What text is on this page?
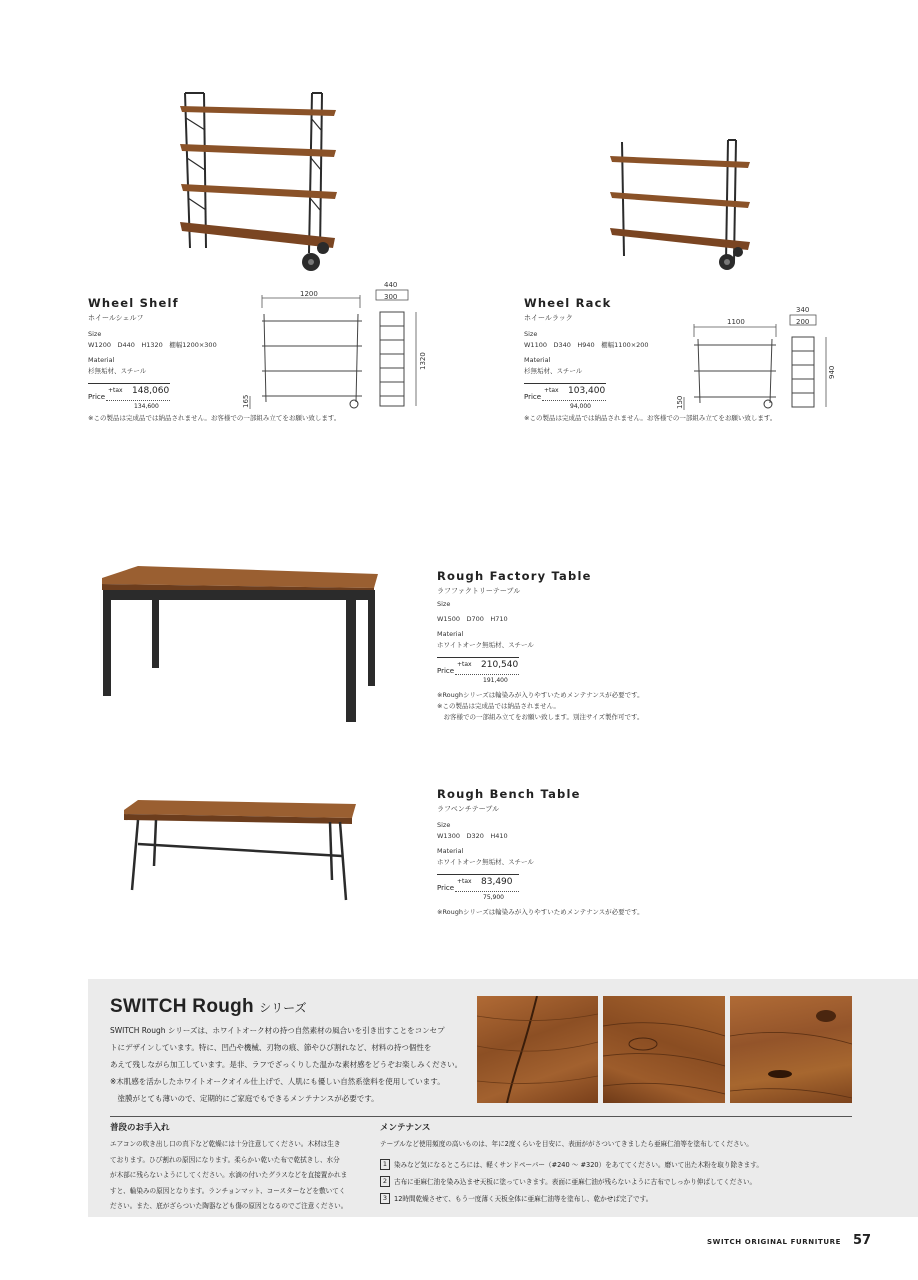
Wheel Shelf
ホイールシェルフ
Size
W1200　D440　H1320　棚幅1200×300
Material
杉無垢材、スチール
+tax 148,060
Price
134,600
※この製品は完成品では納品されません。お客様での一部組み立てをお願い致します。
1200
165
440
300
1320
Wheel Rack
ホイールラック
Size
W1100　D340　H940　棚幅1100×200
Material
杉無垢材、スチール
+tax 103,400
Price
94,000
※この製品は完成品では納品されません。お客様での一部組み立てをお願い致します。
1100
150
340
200
940
Rough Factory Table
ラフファクトリーテーブル
Size
W1500　D700　H710
Material
ホワイトオーク無垢材、スチール
+tax 210,540
Price
191,400
※Roughシリーズは輪染みが入りやすいためメンテナンスが必要です。
※この製品は完成品では納品されません。
　お客様での一部組み立てをお願い致します。別注サイズ製作可です。
Rough Bench Table
ラフベンチテーブル
Size
W1300　D320　H410
Material
ホワイトオーク無垢材、スチール
+tax 83,490
Price
75,900
※Roughシリーズは輪染みが入りやすいためメンテナンスが必要です。
SWITCH Rough シリーズ
SWITCH Rough シリーズは、ホワイトオーク材の持つ自然素材の風合いを引き出すことをコンセプ
トにデザインしています。特に、凹凸や機械、刃物の痕、節やひび割れなど、材料の持つ個性を
あえて残しながら加工しています。是非、ラフでざっくりした温かな素材感をどうぞお楽しみください。
※木肌感を活かしたホワイトオークオイル仕上げで、人肌にも優しい自然系塗料を使用しています。
　塗膜がとても薄いので、定期的にご家庭でもできるメンテナンスが必要です。
普段のお手入れ
エアコンの吹き出し口の真下など乾燥には十分注意してください。木材は生き
ております。ひび割れの原因になります。柔らかい乾いた布で乾拭きし、水分
が木部に残らないようにしてください。水滴の付いたグラスなどを直接置かれま
すと、輪染みの原因となります。ランチョンマット、コースターなどを敷いてく
ださい。また、底がざらついた陶器なども傷の原因となるのでご注意ください。
メンテナンス
テーブルなど使用頻度の高いものは、年に2度くらいを目安に、表面ががさついてきましたら亜麻仁油等を塗布してください。
1	染みなど気になるところには、軽くサンドペーパー（#240 〜 #320）をあててください。磨いて出た木粉を取り除きます。
2	古布に亜麻仁油を染み込ませ天板に塗っていきます。表面に亜麻仁油が残らないように古布でしっかり伸ばしてください。
3	12時間乾燥させて、もう一度薄く天板全体に亜麻仁油等を塗布し、乾かせば完了です。
SWITCH ORIGINAL FURNITURE 57
